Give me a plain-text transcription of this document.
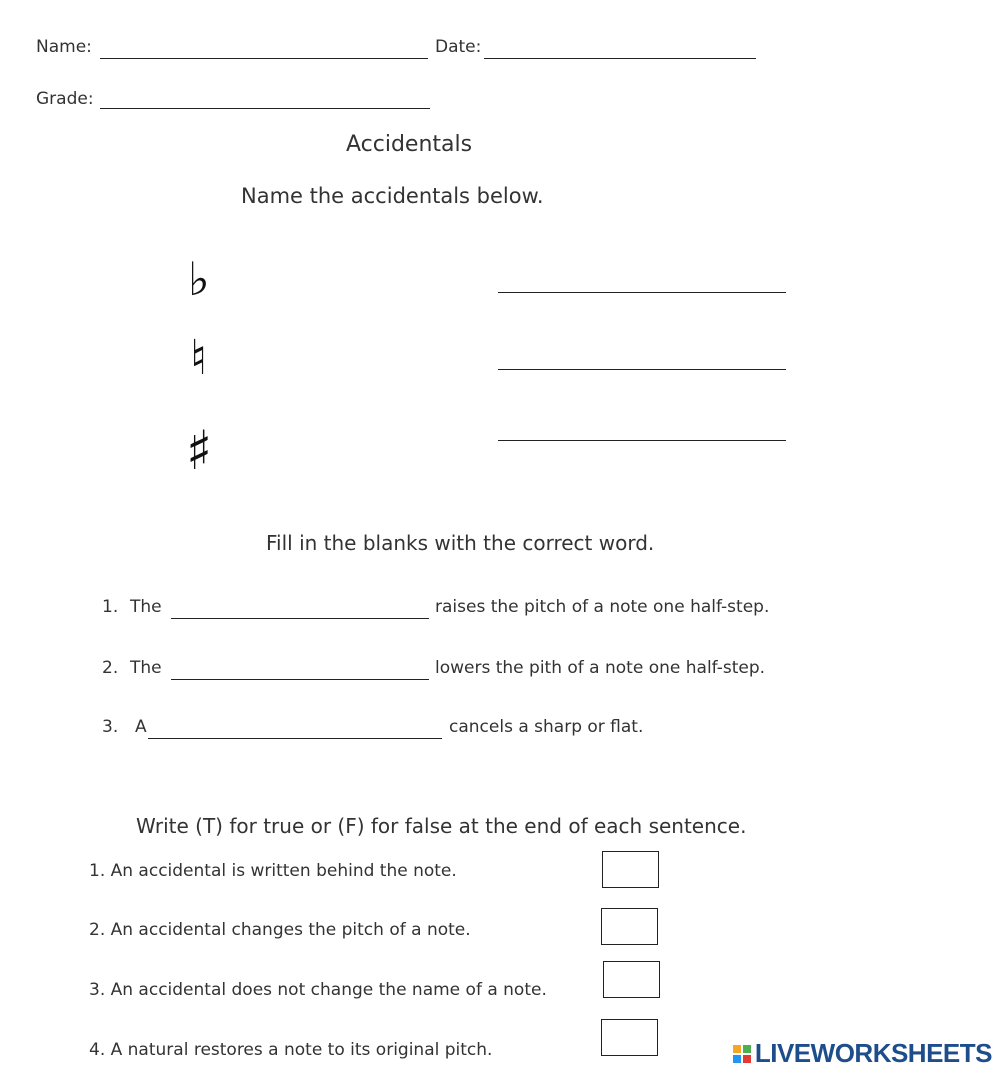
Name:	Date:
Grade:
Accidentals
Name the accidentals below.
♭
♮
♯
Fill in the blanks with the correct word.
1. The	raises the pitch of a note one half-step.
2. The	lowers the pith of a note one half-step.
3. A	cancels a sharp or flat.
Write (T) for true or (F) for false at the end of each sentence.
1. An accidental is written behind the note.
2. An accidental changes the pitch of a note.
3. An accidental does not change the name of a note.
4. A natural restores a note to its original pitch.	LIVEWORKSHEETS
